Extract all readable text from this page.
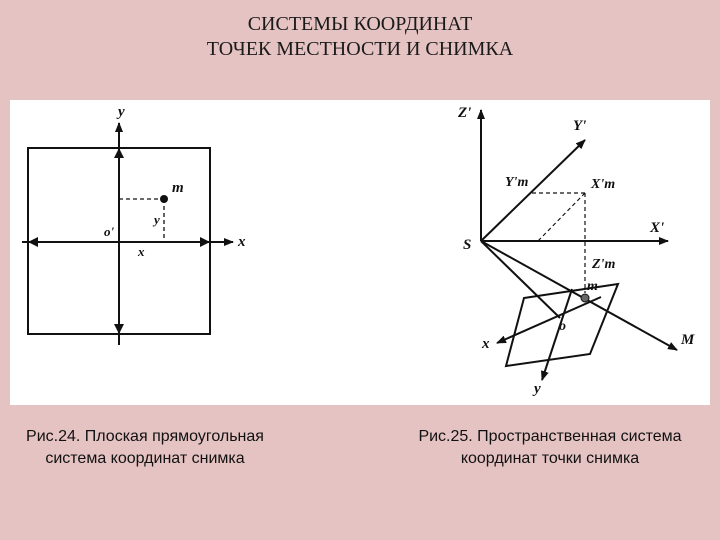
СИСТЕМЫ КООРДИНАТ
ТОЧЕК МЕСТНОСТИ И СНИМКА
y
x
m
o'
x
y
Z'
Y'
X'
S
Y'm	X'm
Z'm
m
o
M
x
y
Рис.24. Плоская прямоугольная
система координат снимка
Рис.25. Пространственная система
координат точки снимка
